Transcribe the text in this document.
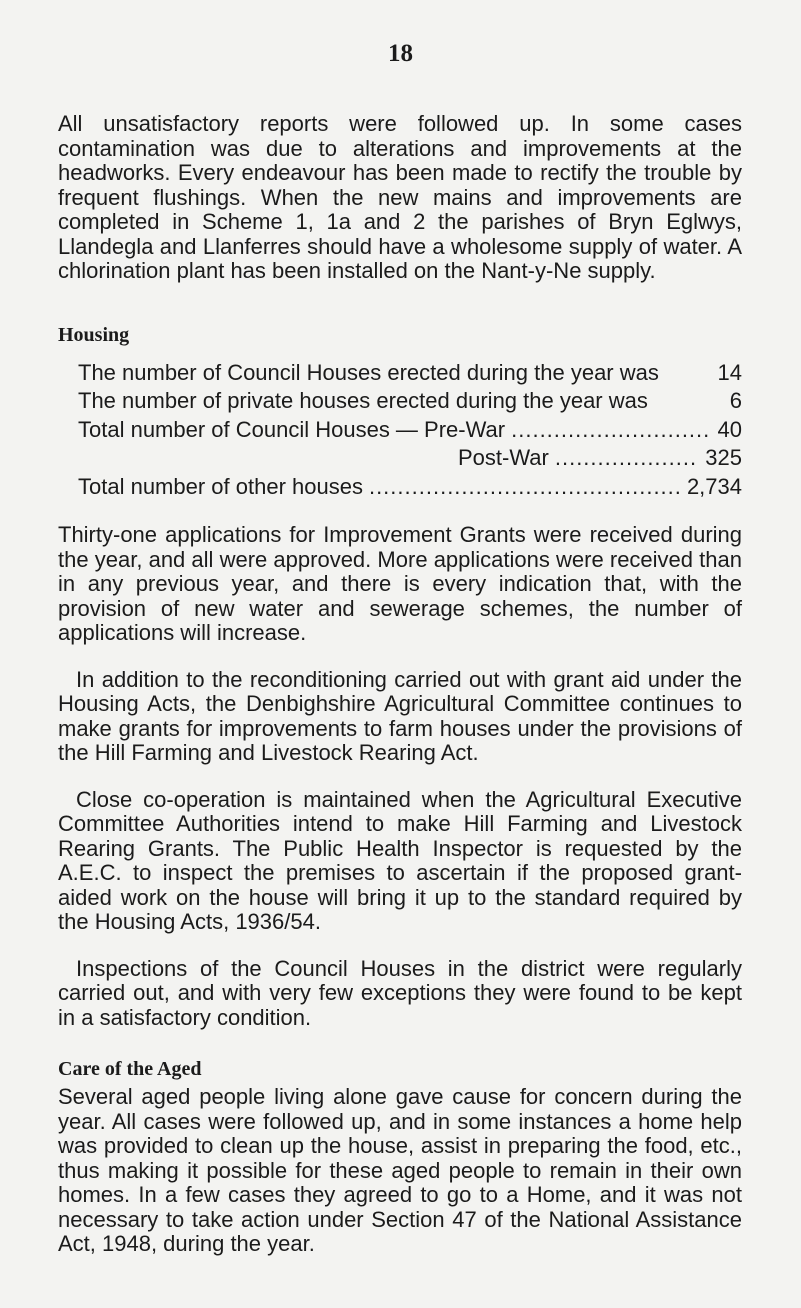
18

All unsatisfactory reports were followed up. In some cases contamination was due to alterations and improvements at the headworks. Every endeavour has been made to rectify the trouble by frequent flushings. When the new mains and improvements are completed in Scheme 1, 1a and 2 the parishes of Bryn Eglwys, Llandegla and Llanferres should have a wholesome supply of water. A chlorination plant has been installed on the Nant-y-Ne supply.

Housing
The number of Council Houses erected during the year was	14
The number of private houses erected during the year was	6
Total number of Council Houses — Pre-War .....	40
Post-War .....	325
Total number of other houses .....	2,734

Thirty-one applications for Improvement Grants were received during the year, and all were approved. More applications were received than in any previous year, and there is every indication that, with the provision of new water and sewerage schemes, the number of applications will increase.

In addition to the reconditioning carried out with grant aid under the Housing Acts, the Denbighshire Agricultural Committee continues to make grants for improvements to farm houses under the provisions of the Hill Farming and Livestock Rearing Act.

Close co-operation is maintained when the Agricultural Executive Committee Authorities intend to make Hill Farming and Livestock Rearing Grants. The Public Health Inspector is requested by the A.E.C. to inspect the premises to ascertain if the proposed grant-aided work on the house will bring it up to the standard required by the Housing Acts, 1936/54.

Inspections of the Council Houses in the district were regularly carried out, and with very few exceptions they were found to be kept in a satisfactory condition.

Care of the Aged

Several aged people living alone gave cause for concern during the year. All cases were followed up, and in some instances a home help was provided to clean up the house, assist in preparing the food, etc., thus making it possible for these aged people to remain in their own homes. In a few cases they agreed to go to a Home, and it was not necessary to take action under Section 47 of the National Assistance Act, 1948, during the year.
